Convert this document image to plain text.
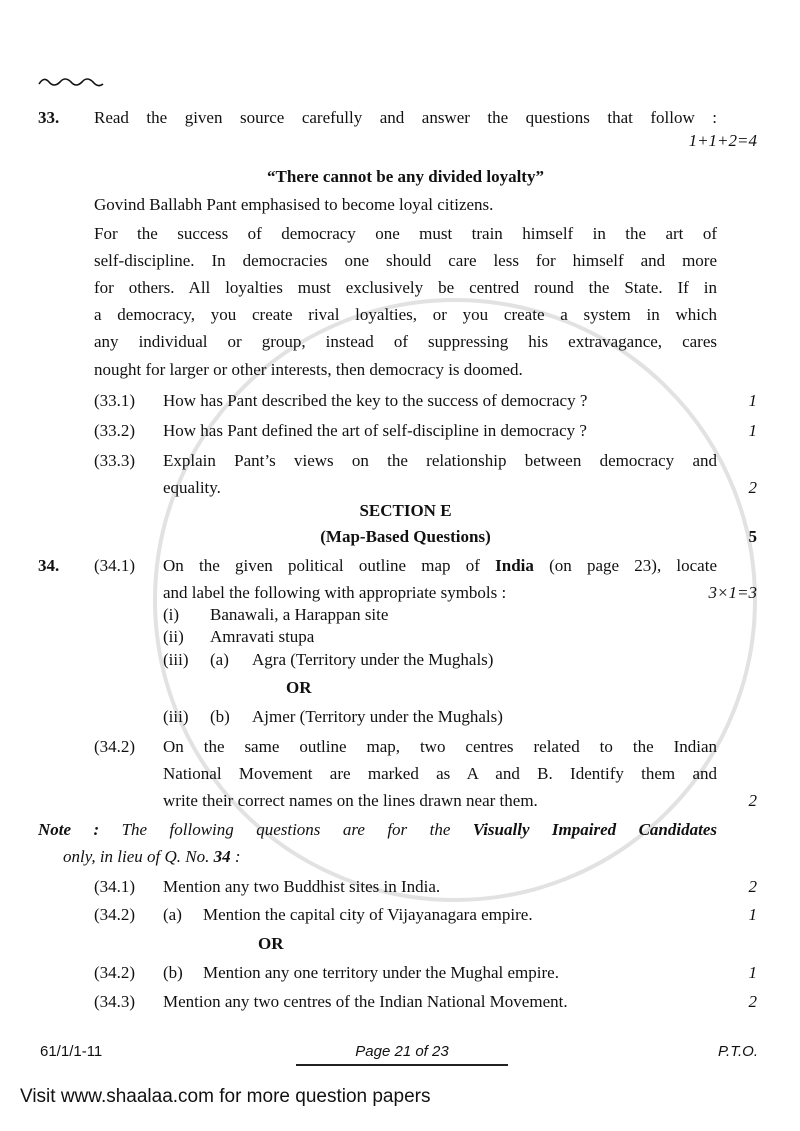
33. Read the given source carefully and answer the questions that follow :
1+1+2=4
“There cannot be any divided loyalty”
Govind Ballabh Pant emphasised to become loyal citizens.
For the success of democracy one must train himself in the art of
self-discipline. In democracies one should care less for himself and more
for others. All loyalties must exclusively be centred round the State. If in
a democracy, you create rival loyalties, or you create a system in which
any individual or group, instead of suppressing his extravagance, cares
nought for larger or other interests, then democracy is doomed.
(33.1) How has Pant described the key to the success of democracy ?	1
(33.2) How has Pant defined the art of self-discipline in democracy ?	1
(33.3) Explain Pant’s views on the relationship between democracy and
equality.	2
SECTION E
(Map-Based Questions)	5
34. (34.1) On the given political outline map of India (on page 23), locate
and label the following with appropriate symbols :	3×1=3
(i) Banawali, a Harappan site
(ii) Amravati stupa
(iii) (a) Agra (Territory under the Mughals)
OR
(iii) (b) Ajmer (Territory under the Mughals)
(34.2) On the same outline map, two centres related to the Indian
National Movement are marked as A and B. Identify them and
write their correct names on the lines drawn near them.	2
Note : The following questions are for the Visually Impaired Candidates
only, in lieu of Q. No. 34 :
(34.1) Mention any two Buddhist sites in India.	2
(34.2) (a) Mention the capital city of Vijayanagara empire.	1
OR
(34.2) (b) Mention any one territory under the Mughal empire.	1
(34.3) Mention any two centres of the Indian National Movement.	2
61/1/1-11	Page 21 of 23	P.T.O.
Visit www.shaalaa.com for more question papers
